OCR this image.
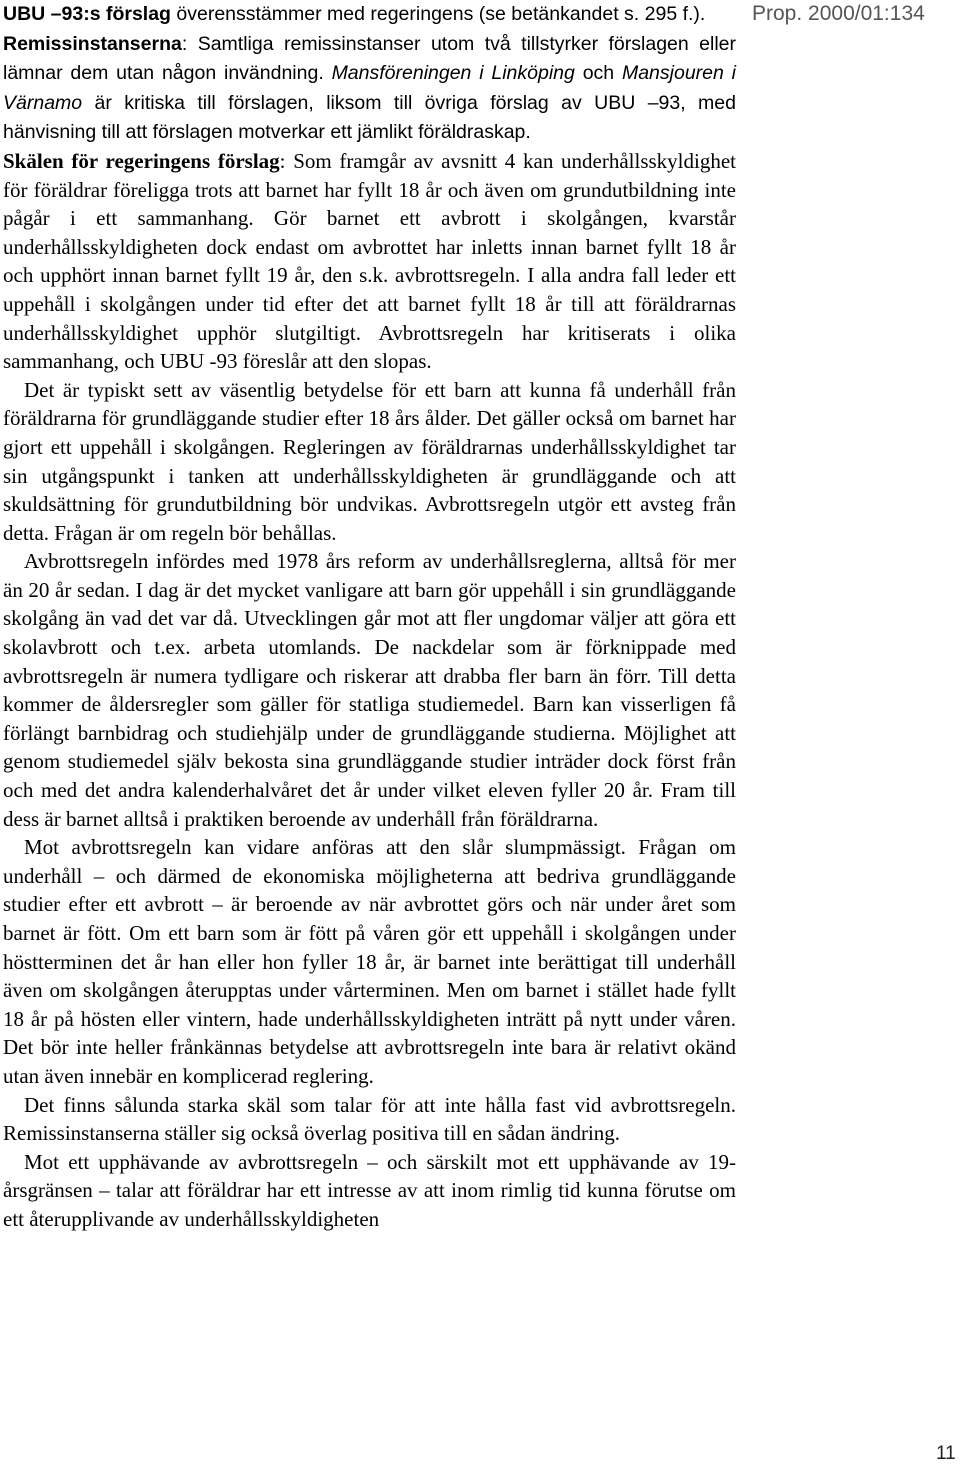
Prop. 2000/01:134

UBU –93:s förslag överensstämmer med regeringens (se betänkandet s. 295 f.).

Remissinstanserna: Samtliga remissinstanser utom två tillstyrker förslagen eller lämnar dem utan någon invändning. Mansföreningen i Linköping och Mansjouren i Värnamo är kritiska till förslagen, liksom till övriga förslag av UBU –93, med hänvisning till att förslagen motverkar ett jämlikt föräldraskap.

Skälen för regeringens förslag: Som framgår av avsnitt 4 kan underhållsskyldighet för föräldrar föreligga trots att barnet har fyllt 18 år och även om grundutbildning inte pågår i ett sammanhang. Gör barnet ett avbrott i skolgången, kvarstår underhållsskyldigheten dock endast om avbrottet har inletts innan barnet fyllt 18 år och upphört innan barnet fyllt 19 år, den s.k. avbrottsregeln. I alla andra fall leder ett uppehåll i skolgången under tid efter det att barnet fyllt 18 år till att föräldrarnas underhållsskyldighet upphör slutgiltigt. Avbrottsregeln har kritiserats i olika sammanhang, och UBU -93 föreslår att den slopas.

Det är typiskt sett av väsentlig betydelse för ett barn att kunna få underhåll från föräldrarna för grundläggande studier efter 18 års ålder. Det gäller också om barnet har gjort ett uppehåll i skolgången. Regleringen av föräldrarnas underhållsskyldighet tar sin utgångspunkt i tanken att underhållsskyldigheten är grundläggande och att skuldsättning för grundutbildning bör undvikas. Avbrottsregeln utgör ett avsteg från detta. Frågan är om regeln bör behållas.

Avbrottsregeln infördes med 1978 års reform av underhållsreglerna, alltså för mer än 20 år sedan. I dag är det mycket vanligare att barn gör uppehåll i sin grundläggande skolgång än vad det var då. Utvecklingen går mot att fler ungdomar väljer att göra ett skolavbrott och t.ex. arbeta utomlands. De nackdelar som är förknippade med avbrottsregeln är numera tydligare och riskerar att drabba fler barn än förr. Till detta kommer de åldersregler som gäller för statliga studiemedel. Barn kan visserligen få förlängt barnbidrag och studiehjälp under de grundläggande studierna. Möjlighet att genom studiemedel själv bekosta sina grundläggande studier inträder dock först från och med det andra kalenderhalvåret det år under vilket eleven fyller 20 år. Fram till dess är barnet alltså i praktiken beroende av underhåll från föräldrarna.

Mot avbrottsregeln kan vidare anföras att den slår slumpmässigt. Frågan om underhåll – och därmed de ekonomiska möjligheterna att bedriva grundläggande studier efter ett avbrott – är beroende av när avbrottet görs och när under året som barnet är fött. Om ett barn som är fött på våren gör ett uppehåll i skolgången under höstterminen det år han eller hon fyller 18 år, är barnet inte berättigat till underhåll även om skolgången återupptas under vårterminen. Men om barnet i stället hade fyllt 18 år på hösten eller vintern, hade underhållsskyldigheten inträtt på nytt under våren. Det bör inte heller frånkännas betydelse att avbrottsregeln inte bara är relativt okänd utan även innebär en komplicerad reglering.

Det finns sålunda starka skäl som talar för att inte hålla fast vid avbrottsregeln. Remissinstanserna ställer sig också överlag positiva till en sådan ändring.

Mot ett upphävande av avbrottsregeln – och särskilt mot ett upphävande av 19-årsgränsen – talar att föräldrar har ett intresse av att inom rimlig tid kunna förutse om ett återupplivande av underhållsskyldigheten

11
